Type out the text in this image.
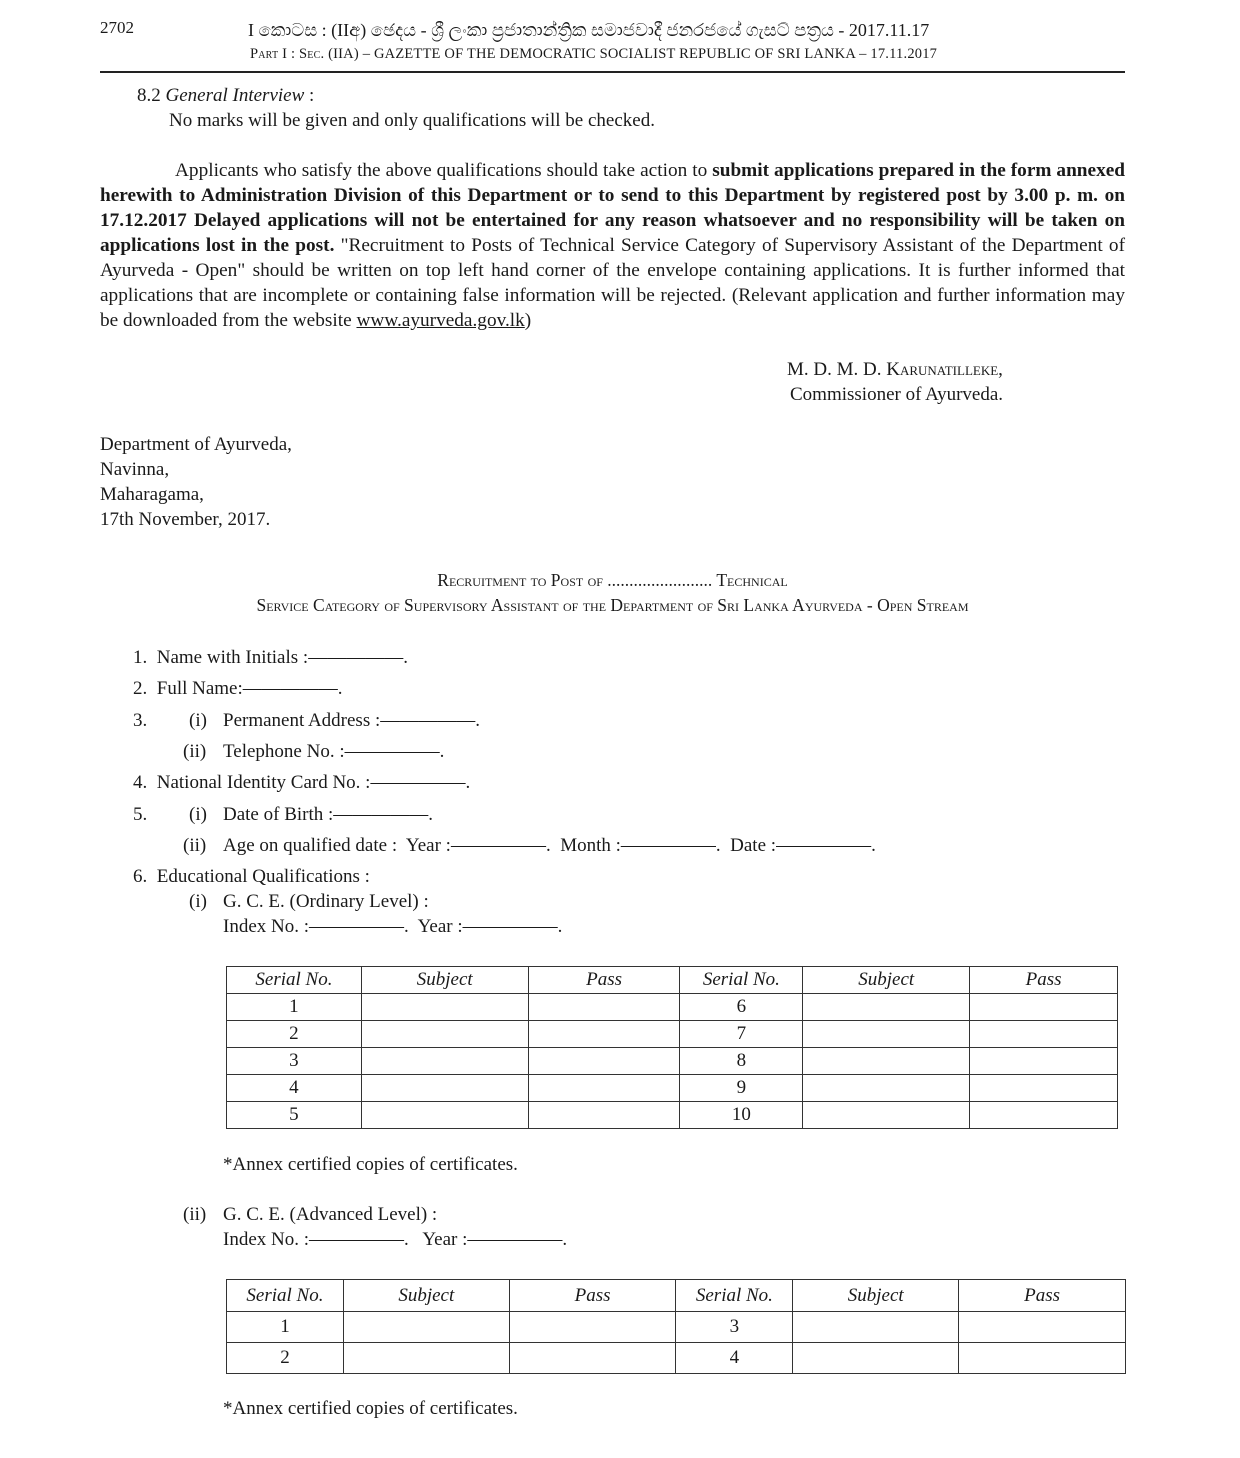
2702	I කොටස : (IIඅ) ඡෙදය - ශ්‍රී ලංකා ප්‍රජාතාන්ත්‍රික සමාජවාදී ජනරජයේ ගැසට් පත්‍රය - 2017.11.17
Part I : Sec. (IIA) – GAZETTE OF THE DEMOCRATIC SOCIALIST REPUBLIC OF SRI LANKA – 17.11.2017
8.2 General Interview :
No marks will be given and only qualifications will be checked.
Applicants who satisfy the above qualifications should take action to submit applications prepared in the form annexed herewith to Administration Division of this Department or to send to this Department by registered post by 3.00 p. m. on 17.12.2017 Delayed applications will not be entertained for any reason whatsoever and no responsibility will be taken on applications lost in the post. "Recruitment to Posts of Technical Service Category of Supervisory Assistant of the Department of Ayurveda - Open" should be written on top left hand corner of the envelope containing applications. It is further informed that applications that are incomplete or containing false information will be rejected. (Relevant application and further information may be downloaded from the website www.ayurveda.gov.lk)
M. D. M. D. Karunatilleke,
Commissioner of Ayurveda.
Department of Ayurveda,
Navinna,
Maharagama,
17th November, 2017.
Recruitment to Post of ........................ Technical
Service Category of Supervisory Assistant of the Department of Sri Lanka Ayurveda - Open Stream
1. Name with Initials :—————.
2. Full Name:—————.
3. (i) Permanent Address :—————.
(ii) Telephone No. :—————.
4. National Identity Card No. :—————.
5. (i) Date of Birth :—————.
(ii) Age on qualified date : Year :—————.  Month :—————.  Date :—————.
6. Educational Qualifications :
(i) G. C. E. (Ordinary Level) :
Index No. :—————.  Year :—————.
Serial No.	Subject	Pass	Serial No.	Subject	Pass
1			6		
2			7		
3			8		
4			9		
5			10		
*Annex certified copies of certificates.
(ii) G. C. E. (Advanced Level) :
Index No. :—————.   Year :—————.
Serial No.	Subject	Pass	Serial No.	Subject	Pass
1			3		
2			4		
*Annex certified copies of certificates.
